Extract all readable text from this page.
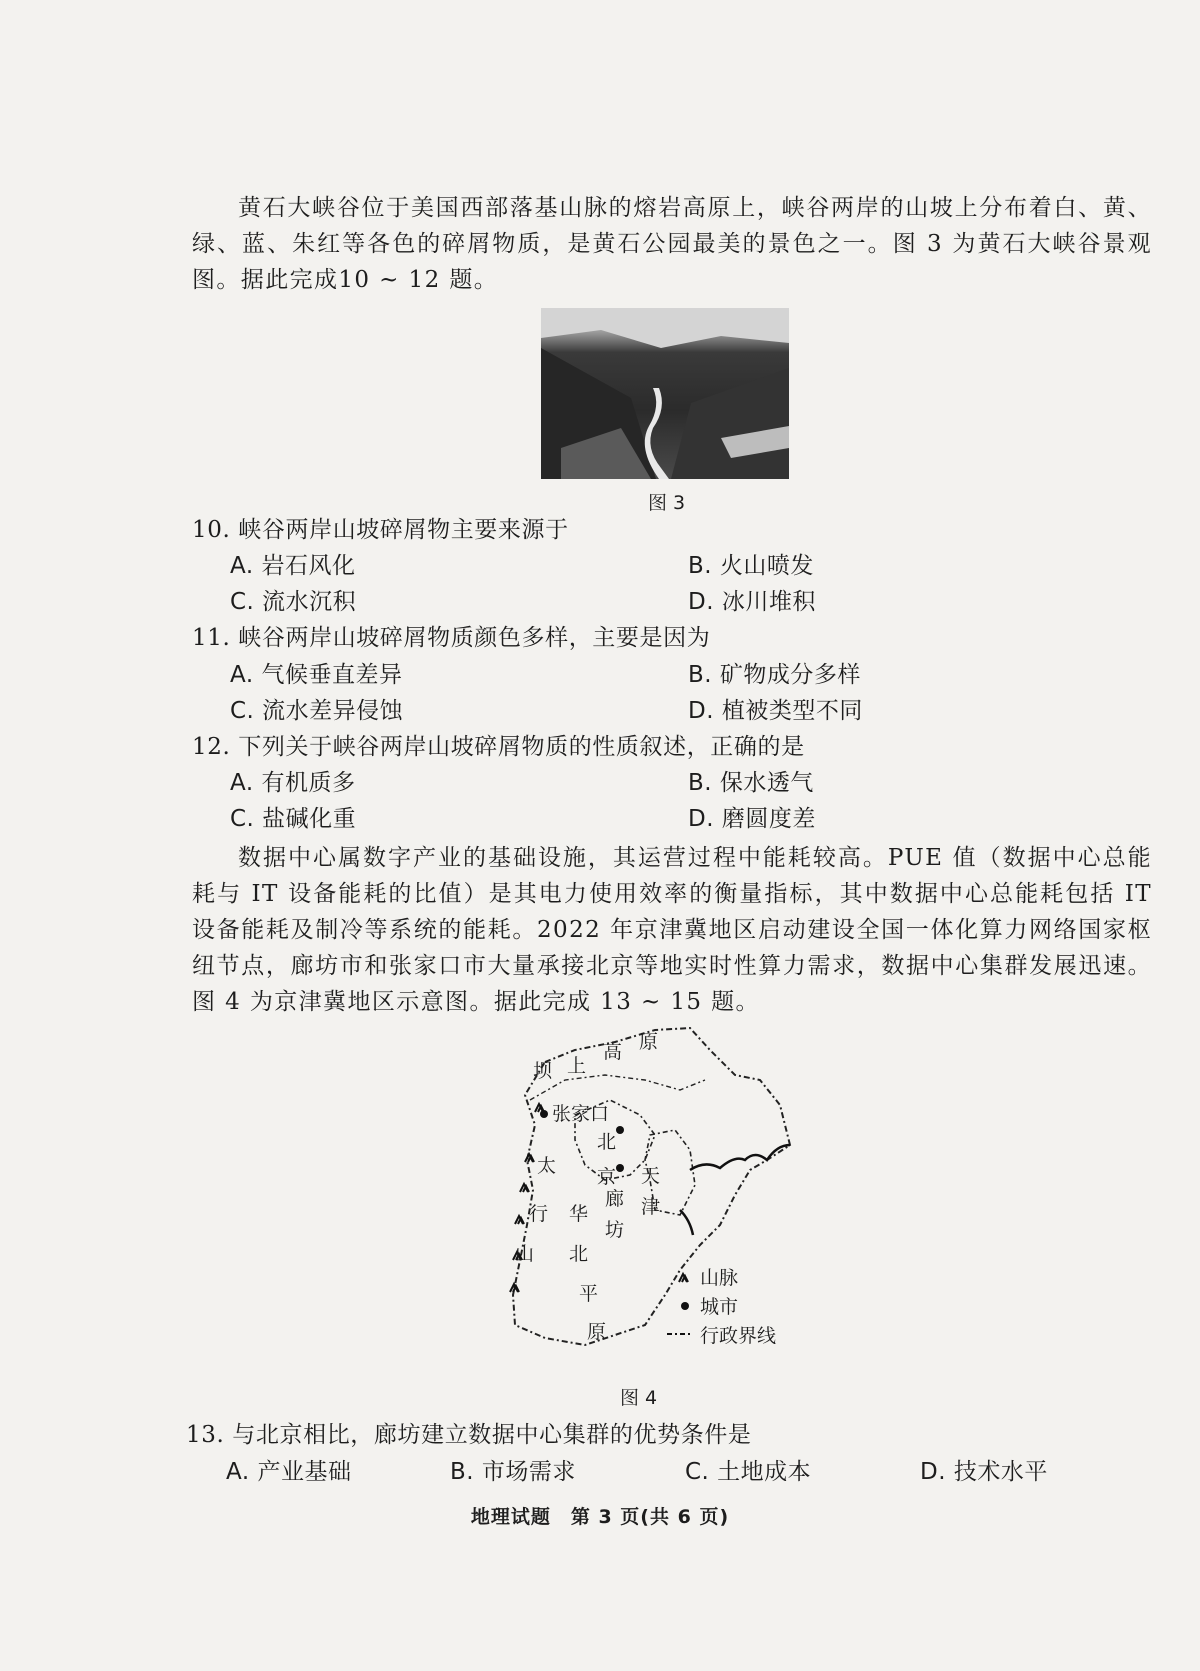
黄石大峡谷位于美国西部落基山脉的熔岩高原上，峡谷两岸的山坡上分布着白、黄、绿、蓝、朱红等各色的碎屑物质，是黄石公园最美的景色之一。图 3 为黄石大峡谷景观图。据此完成10 ~ 12 题。

图 3

10. 峡谷两岸山坡碎屑物主要来源于

A. 岩石风化	B. 火山喷发
C. 流水沉积	D. 冰川堆积

11. 峡谷两岸山坡碎屑物质颜色多样，主要是因为

A. 气候垂直差异	B. 矿物成分多样
C. 流水差异侵蚀	D. 植被类型不同

12. 下列关于峡谷两岸山坡碎屑物质的性质叙述，正确的是

A. 有机质多	B. 保水透气
C. 盐碱化重	D. 磨圆度差

数据中心属数字产业的基础设施，其运营过程中能耗较高。PUE 值（数据中心总能耗与 IT 设备能耗的比值）是其电力使用效率的衡量指标，其中数据中心总能耗包括 IT 设备能耗及制冷等系统的能耗。2022 年京津冀地区启动建设全国一体化算力网络国家枢纽节点，廊坊市和张家口市大量承接北京等地实时性算力需求，数据中心集群发展迅速。图 4 为京津冀地区示意图。据此完成 13 ~ 15 题。

坝 上
高 原
张家口
北
京 天
津
廊
坊
太
行
山
华
北
平
原
山脉
城市
行政界线
图 4

13. 与北京相比，廊坊建立数据中心集群的优势条件是

A. 产业基础	B. 市场需求	C. 土地成本	D. 技术水平
地理试题　第 3 页(共 6 页)
